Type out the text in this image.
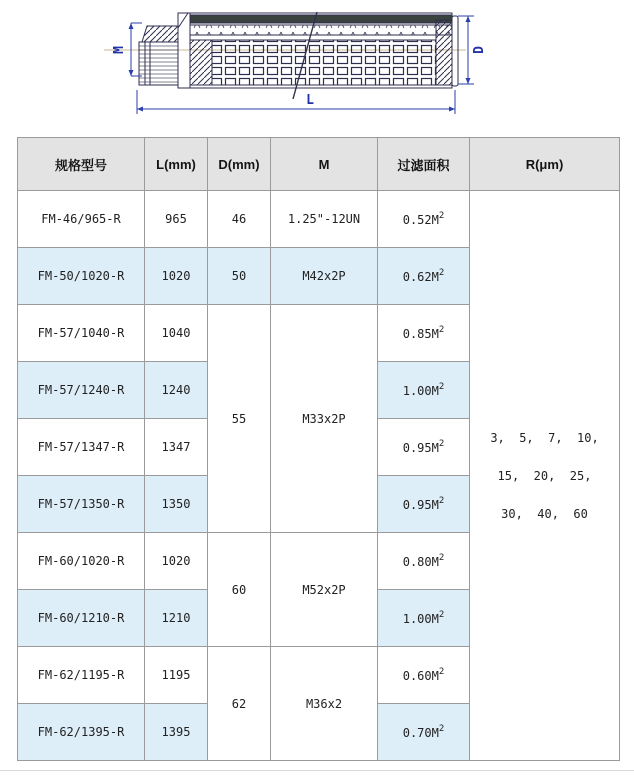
M	D
L
规格型号	L(mm)	D(mm)	M	过滤面积	R(μm)
FM-46/965-R	965	46	1.25"-12UN	$0.52M^2$	3,  5,  7,  10,
15,  20,  25,
30,  40,  60

FM-50/1020-R	1020	50	M42x2P	$0.62M^2$
FM-57/1040-R	1040	55	M33x2P	$0.85M^2$
FM-57/1240-R	1240			$1.00M^2$
FM-57/1347-R	1347			$0.95M^2$
FM-57/1350-R	1350			$0.95M^2$
FM-60/1020-R	1020	60	M52x2P	$0.80M^2$
FM-60/1210-R	1210			$1.00M^2$
FM-62/1195-R	1195	62	M36x2	$0.60M^2$
FM-62/1395-R	1395			$0.70M^2$
